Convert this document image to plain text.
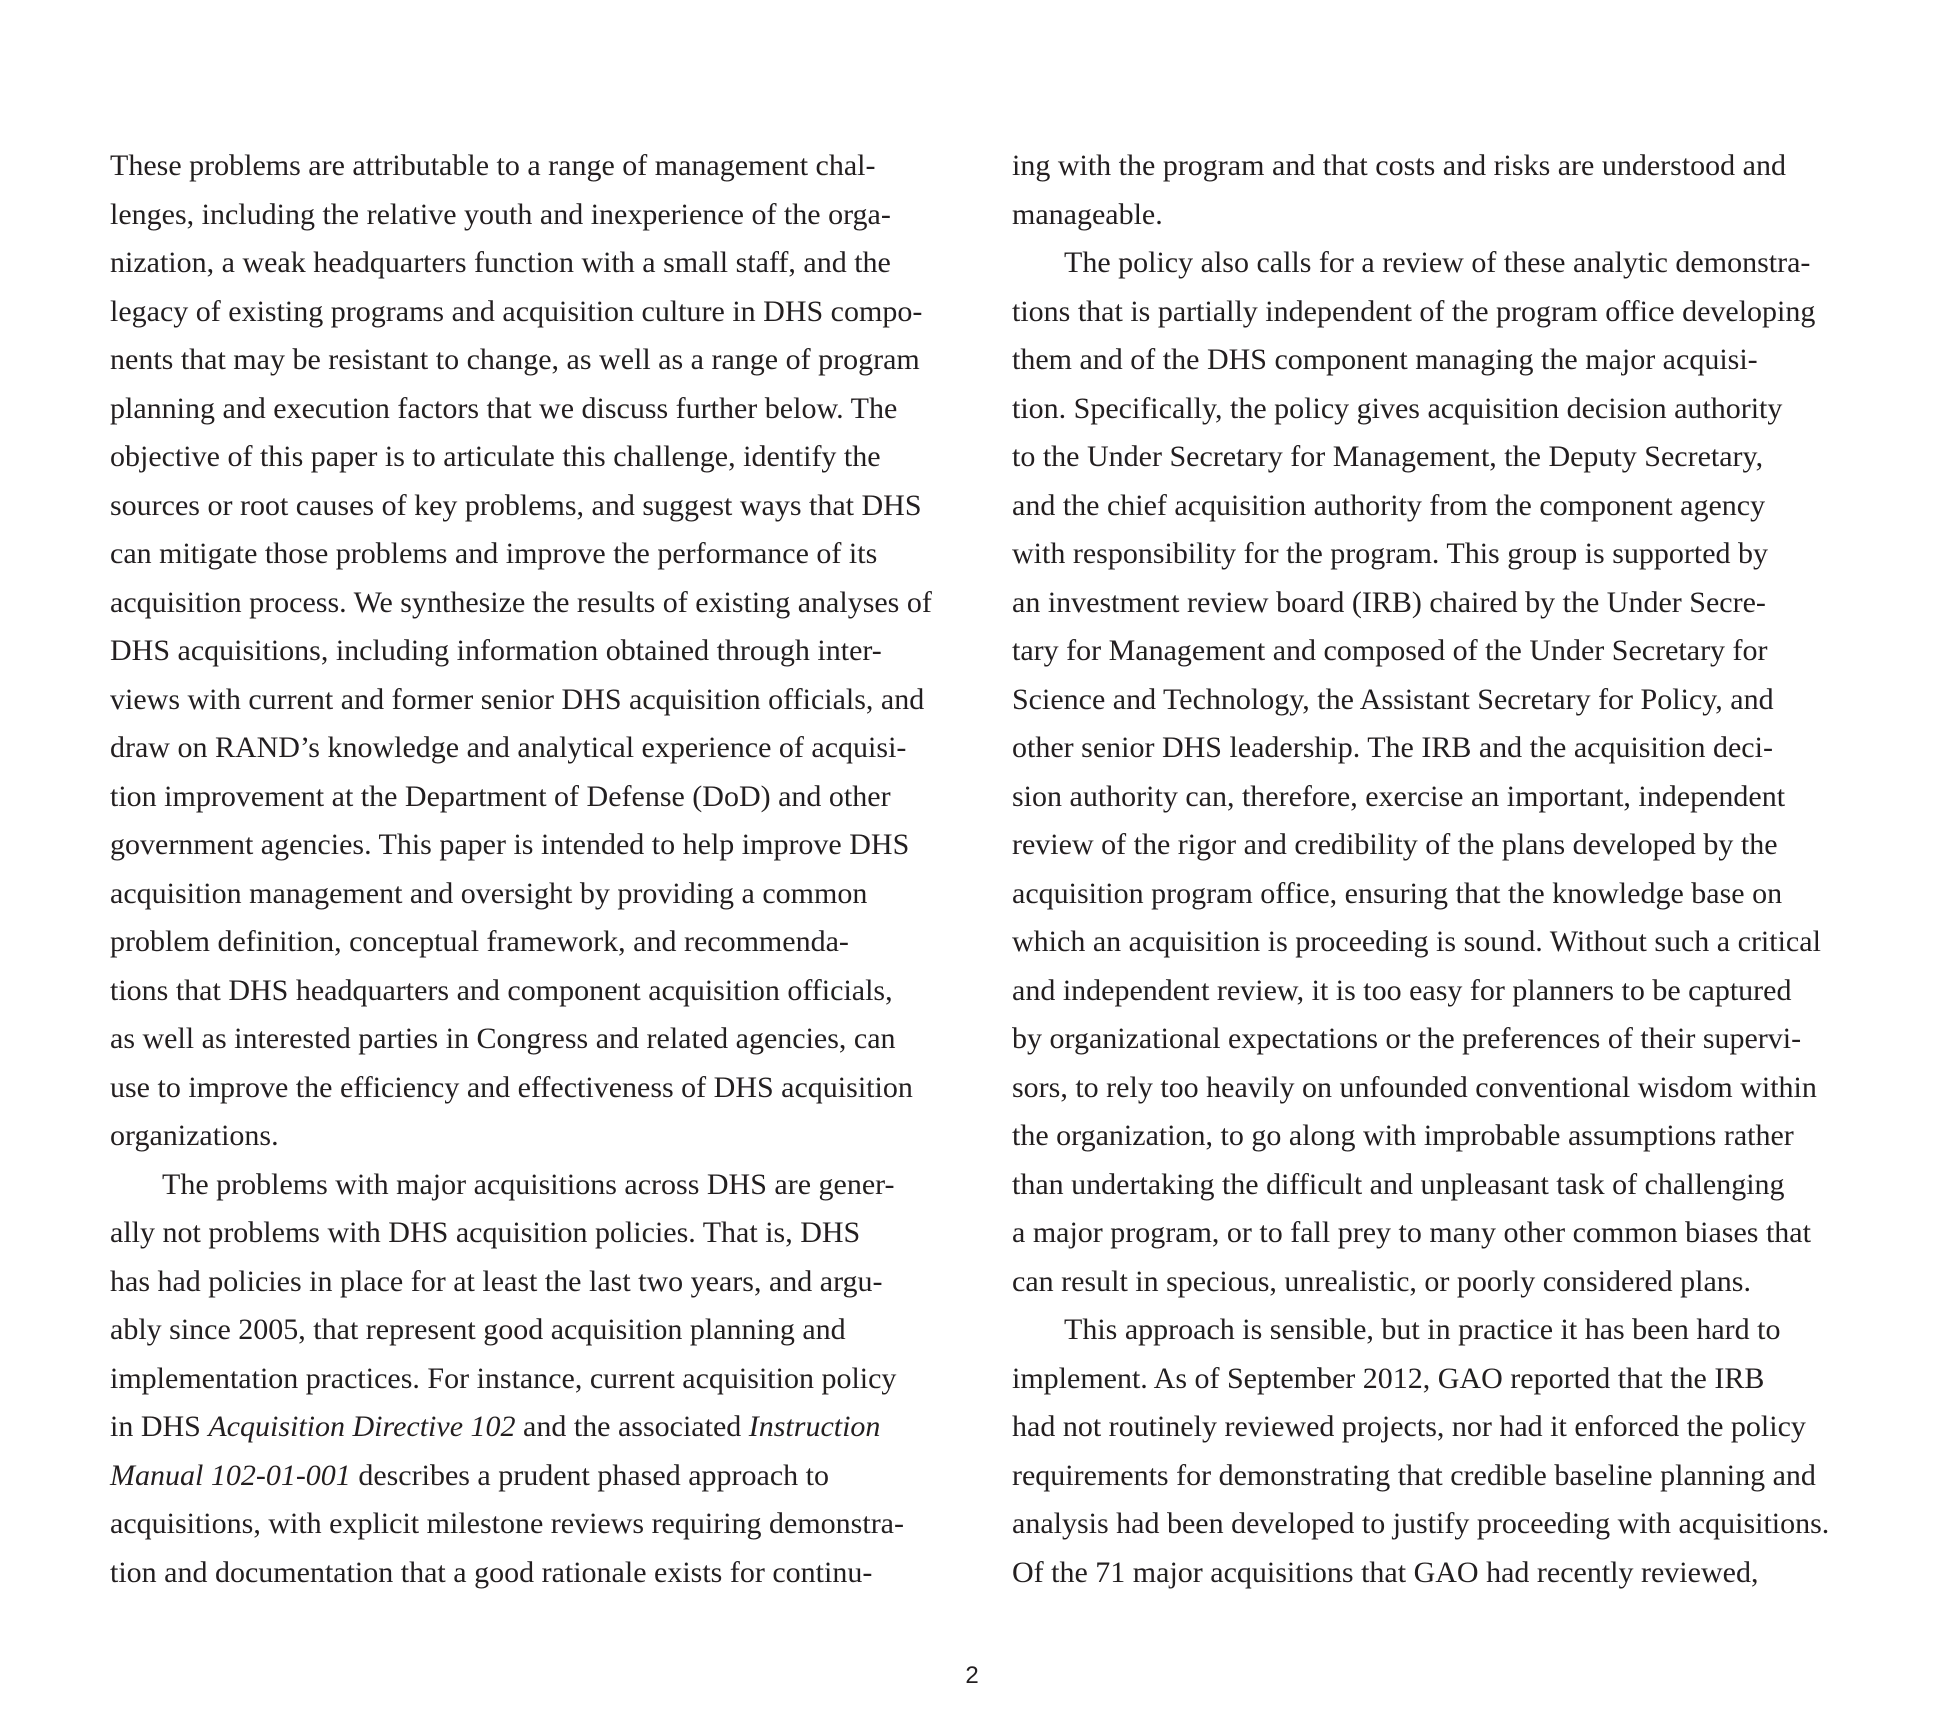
These problems are attributable to a range of management chal-
lenges, including the relative youth and inexperience of the orga-
nization, a weak headquarters function with a small staff, and the
legacy of existing programs and acquisition culture in DHS compo-
nents that may be resistant to change, as well as a range of program
planning and execution factors that we discuss further below. The
objective of this paper is to articulate this challenge, identify the
sources or root causes of key problems, and suggest ways that DHS
can mitigate those problems and improve the performance of its
acquisition process. We synthesize the results of existing analyses of
DHS acquisitions, including information obtained through inter-
views with current and former senior DHS acquisition officials, and
draw on RAND’s knowledge and analytical experience of acquisi-
tion improvement at the Department of Defense (DoD) and other
government agencies. This paper is intended to help improve DHS
acquisition management and oversight by providing a common
problem definition, conceptual framework, and recommenda-
tions that DHS headquarters and component acquisition officials,
as well as interested parties in Congress and related agencies, can
use to improve the efficiency and effectiveness of DHS acquisition
organizations.
The problems with major acquisitions across DHS are gener-
ally not problems with DHS acquisition policies. That is, DHS
has had policies in place for at least the last two years, and argu-
ably since 2005, that represent good acquisition planning and
implementation practices. For instance, current acquisition policy
in DHS Acquisition Directive 102 and the associated Instruction
Manual 102-01-001 describes a prudent phased approach to
acquisitions, with explicit milestone reviews requiring demonstra-
tion and documentation that a good rationale exists for continu-
ing with the program and that costs and risks are understood and
manageable.
The policy also calls for a review of these analytic demonstra-
tions that is partially independent of the program office developing
them and of the DHS component managing the major acquisi-
tion. Specifically, the policy gives acquisition decision authority
to the Under Secretary for Management, the Deputy Secretary,
and the chief acquisition authority from the component agency
with responsibility for the program. This group is supported by
an investment review board (IRB) chaired by the Under Secre-
tary for Management and composed of the Under Secretary for
Science and Technology, the Assistant Secretary for Policy, and
other senior DHS leadership. The IRB and the acquisition deci-
sion authority can, therefore, exercise an important, independent
review of the rigor and credibility of the plans developed by the
acquisition program office, ensuring that the knowledge base on
which an acquisition is proceeding is sound. Without such a critical
and independent review, it is too easy for planners to be captured
by organizational expectations or the preferences of their supervi-
sors, to rely too heavily on unfounded conventional wisdom within
the organization, to go along with improbable assumptions rather
than undertaking the difficult and unpleasant task of challenging
a major program, or to fall prey to many other common biases that
can result in specious, unrealistic, or poorly considered plans.
This approach is sensible, but in practice it has been hard to
implement. As of September 2012, GAO reported that the IRB
had not routinely reviewed projects, nor had it enforced the policy
requirements for demonstrating that credible baseline planning and
analysis had been developed to justify proceeding with acquisitions.
Of the 71 major acquisitions that GAO had recently reviewed,
2
